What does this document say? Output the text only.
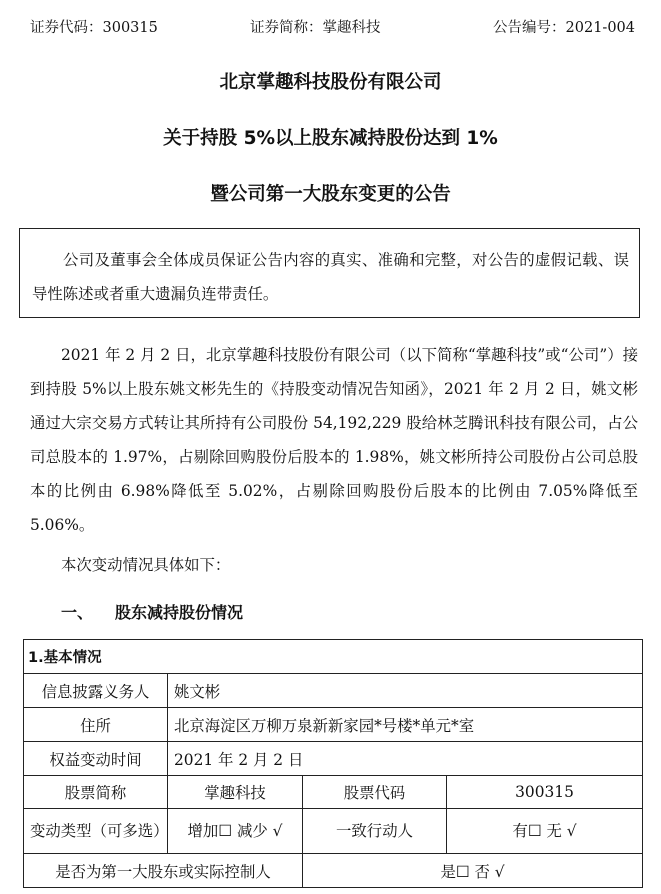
证券代码：300315	证券简称：掌趣科技	公告编号：2021-004
北京掌趣科技股份有限公司
关于持股 5%以上股东减持股份达到 1%
暨公司第一大股东变更的公告

公司及董事会全体成员保证公告内容的真实、准确和完整，对公告的虚假记载、误导性陈述或者重大遗漏负连带责任。

2021 年 2 月 2 日，北京掌趣科技股份有限公司（以下简称“掌趣科技”或“公司”）接到持股 5%以上股东姚文彬先生的《持股变动情况告知函》，2021 年 2 月 2 日，姚文彬通过大宗交易方式转让其所持有公司股份 54,192,229 股给林芝腾讯科技有限公司，占公司总股本的 1.97%，占剔除回购股份后股本的 1.98%，姚文彬所持公司股份占公司总股本的比例由 6.98%降低至 5.02%，占剔除回购股份后股本的比例由 7.05%降低至 5.06%。

本次变动情况具体如下：
一、 股东减持股份情况
1.基本情况			
信息披露义务人	姚文彬		
住所	北京海淀区万柳万泉新新家园*号楼*单元*室		
权益变动时间	2021 年 2 月 2 日		
股票简称	掌趣科技	股票代码	300315
变动类型（可多选）	增加☐ 减少 √	一致行动人	有☐ 无 √
是否为第一大股东或实际控制人		是☐ 否 √	
